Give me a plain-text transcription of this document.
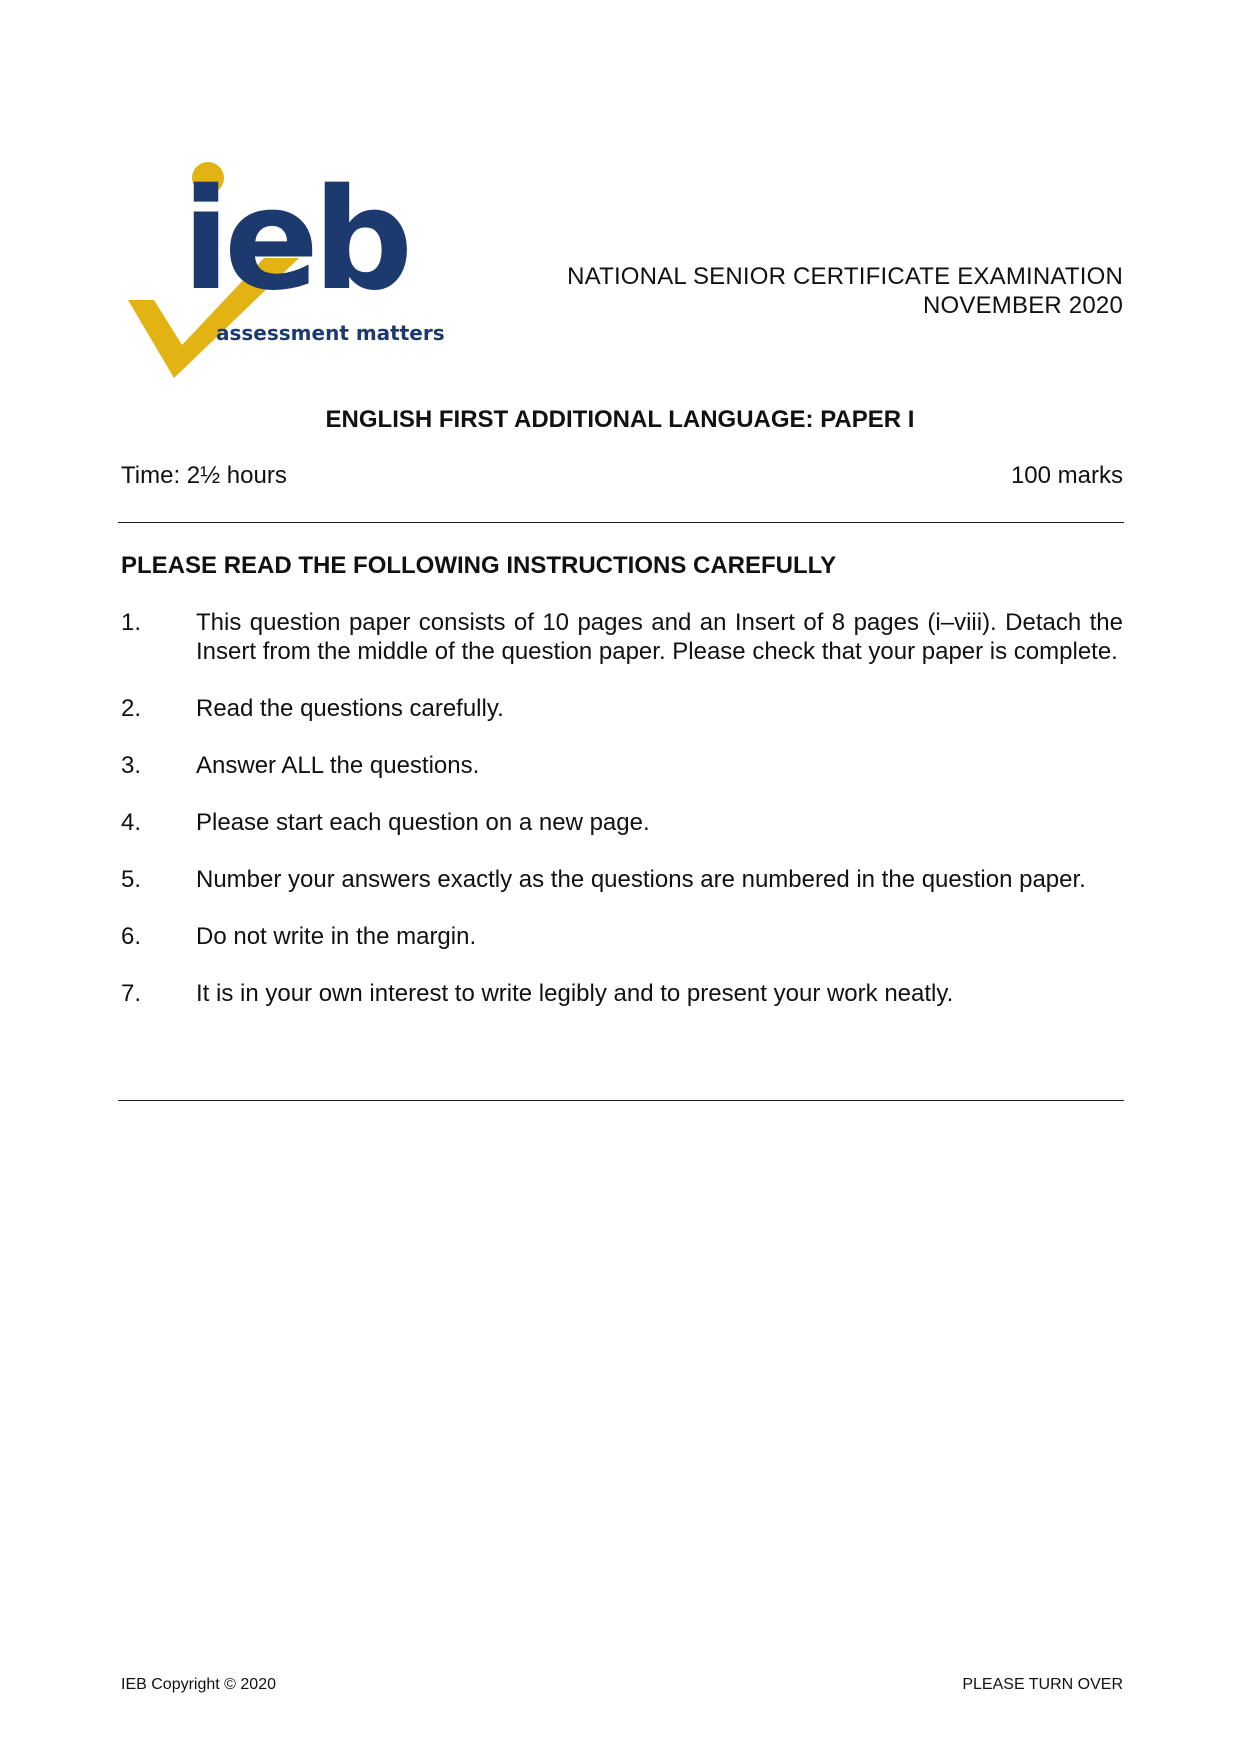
ieb
assessment matters
NATIONAL SENIOR CERTIFICATE EXAMINATION
NOVEMBER 2020
ENGLISH FIRST ADDITIONAL LANGUAGE: PAPER I
Time: 2½ hours	100 marks
PLEASE READ THE FOLLOWING INSTRUCTIONS CAREFULLY
1. This question paper consists of 10 pages and an Insert of 8 pages (i–viii). Detach the Insert from the middle of the question paper. Please check that your paper is complete.
2. Read the questions carefully.
3. Answer ALL the questions.
4. Please start each question on a new page.
5. Number your answers exactly as the questions are numbered in the question paper.
6. Do not write in the margin.
7. It is in your own interest to write legibly and to present your work neatly.
IEB Copyright © 2020	PLEASE TURN OVER
